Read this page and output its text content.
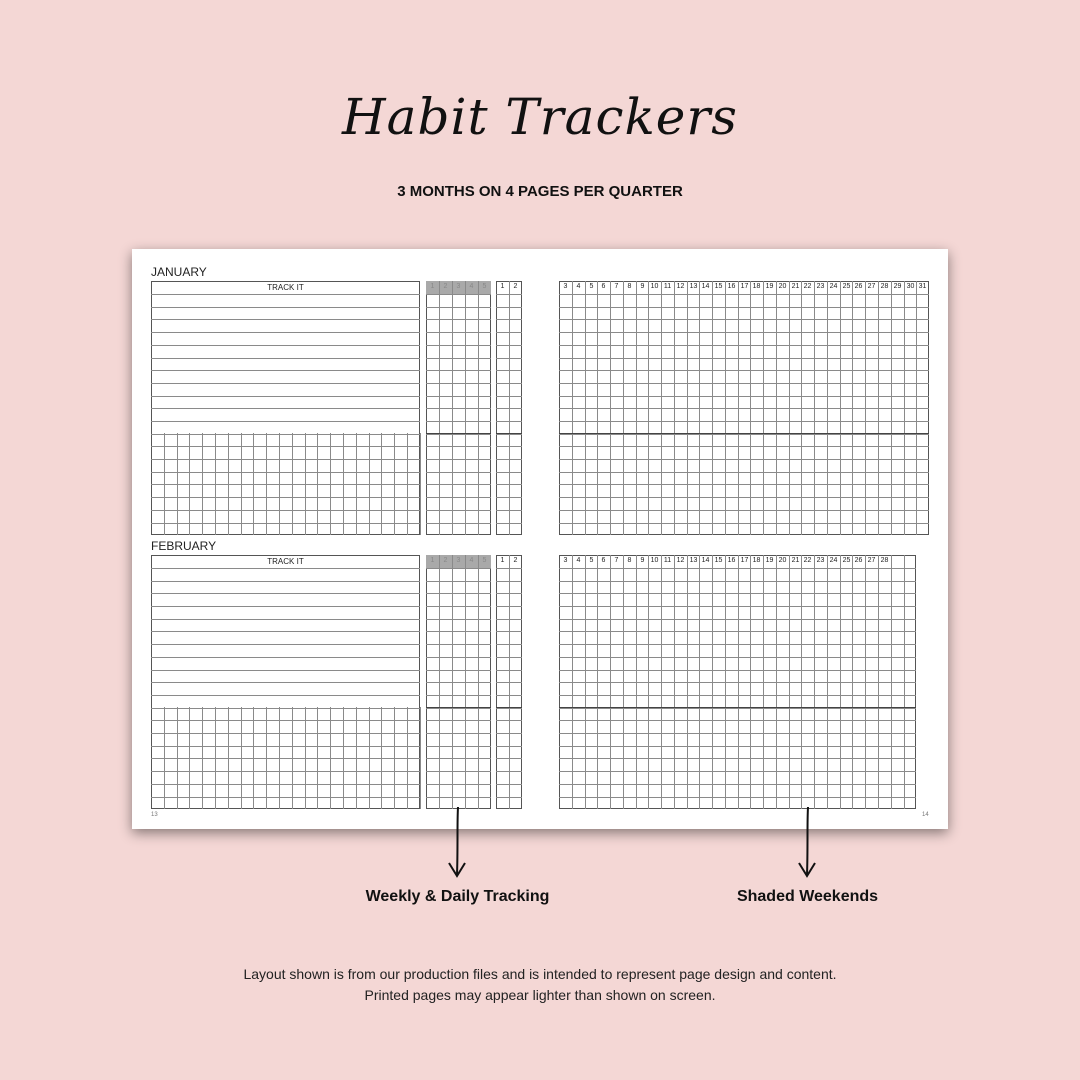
Habit Trackers
3 MONTHS ON 4 PAGES PER QUARTER
13	14
JANUARY
TRACK IT	1	2	3	4	5	1	2	3	4	5	6	7	8	9 10 11 12 13 14 15 16 17 18 19 20 21 22 23 24 25 26 27 28 29 30 31
FEBRUARY
TRACK IT	1	2	3	4	5	1	2	3	4	5	6	7	8	9 10 11 12 13 14 15 16 17 18 19 20 21 22 23 24 25 26 27 28
Weekly & Daily Tracking	Shaded Weekends
Layout shown is from our production files and is intended to represent page design and content.
Printed pages may appear lighter than shown on screen.
